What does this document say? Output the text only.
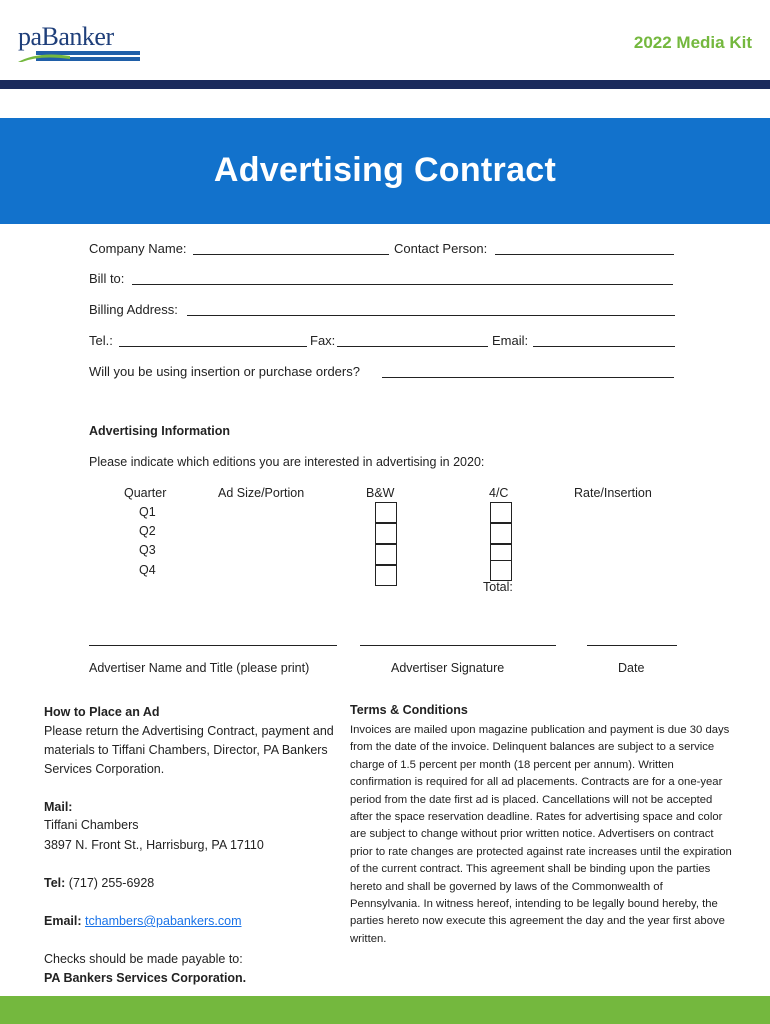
paBanker	2022 Media Kit
Advertising Contract
Company Name:	Contact Person:
Bill to:
Billing Address:
Tel.:	Fax:	Email:
Will you be using insertion or purchase orders?
Advertising Information
Please indicate which editions you are interested in advertising in 2020:
Quarter	Ad Size/Portion	B&W	4/C	Rate/Insertion
Q1
Q2
Q3
Q4
Total:
Advertiser Name and Title (please print)	Advertiser Signature	Date
How to Place an Ad
Please return the Advertising Contract, payment and materials to Tiffani Chambers, Director, PA Bankers Services Corporation.
Mail:
Tiffani Chambers
3897 N. Front St., Harrisburg, PA 17110
Tel: (717) 255-6928
Email: tchambers@pabankers.com
Checks should be made payable to:
PA Bankers Services Corporation.
Terms & Conditions
Invoices are mailed upon magazine publication and payment is due 30 days from the date of the invoice. Delinquent balances are subject to a service charge of 1.5 percent per month (18 percent per annum). Written confirmation is required for all ad placements. Contracts are for a one-year period from the date first ad is placed. Cancellations will not be accepted after the space reservation deadline. Rates for advertising space and color are subject to change without prior written notice. Advertisers on contract prior to rate changes are protected against rate increases until the expiration of the current contract. This agreement shall be binding upon the parties hereto and shall be governed by laws of the Commonwealth of Pennsylvania. In witness hereof, intending to be legally bound hereby, the parties hereto now execute this agreement the day and the year first above written.
